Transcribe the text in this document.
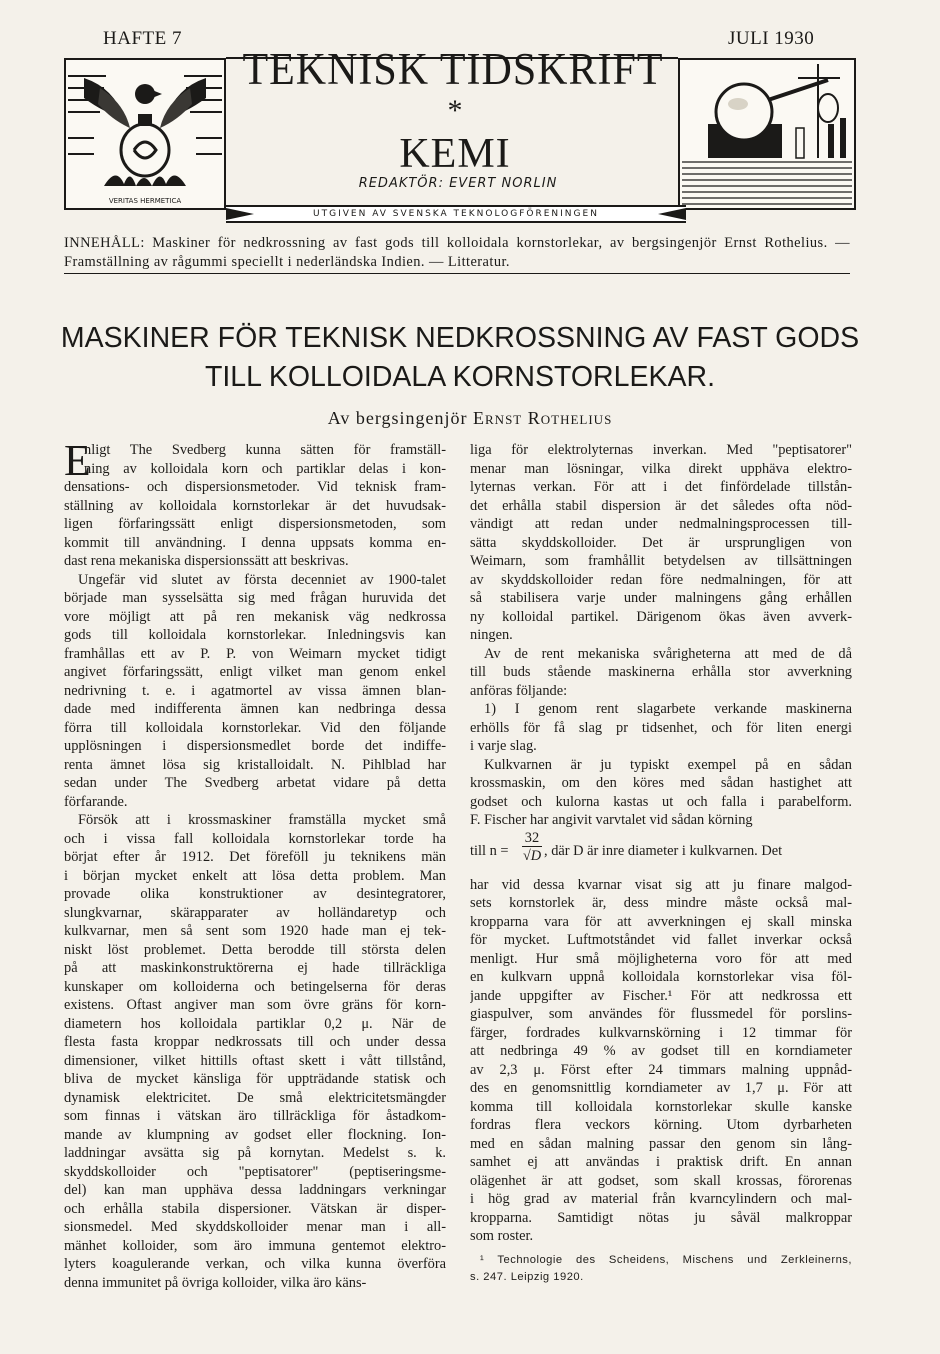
HAFTE 7	JULI 1930
VERITAS HERMETICA
TEKNISK TIDSKRIFT
*
KEMI
REDAKTÖR: EVERT NORLIN
UTGIVEN AV SVENSKA TEKNOLOGFÖRENINGEN
INNEHÅLL: Maskiner för nedkrossning av fast gods till kolloidala kornstorlekar, av bergsingenjör Ernst Rothelius. — Framställning av rågummi speciellt i nederländska Indien. — Litteratur.
MASKINER FÖR TEKNISK NEDKROSSNING AV FAST GODS
TILL KOLLOIDALA KORNSTORLEKAR.
Av bergsingenjör Ernst Rothelius
E
nligt The Svedberg kunna sätten för framställ-
ning av kolloidala korn och partiklar delas i kon-
densations- och dispersionsmetoder. Vid teknisk fram-
ställning av kolloidala kornstorlekar är det huvudsak-
ligen förfaringssätt enligt dispersionsmetoden, som
kommit till användning. I denna uppsats komma en-
dast rena mekaniska dispersionssätt att beskrivas.
Ungefär vid slutet av första decenniet av 1900-talet
började man sysselsätta sig med frågan huruvida det
vore möjligt att på ren mekanisk väg nedkrossa
gods till kolloidala kornstorlekar. Inledningsvis kan
framhållas ett av P. P. von Weimarn mycket tidigt
angivet förfaringssätt, enligt vilket man genom enkel
nedrivning t. e. i agatmortel av vissa ämnen blan-
dade med indifferenta ämnen kan nedbringa dessa
förra till kolloidala kornstorlekar. Vid den följande
upplösningen i dispersionsmedlet borde det indiffe-
renta ämnet lösa sig kristalloidalt. N. Pihlblad har
sedan under The Svedberg arbetat vidare på detta
förfarande.
Försök att i krossmaskiner framställa mycket små
och i vissa fall kolloidala kornstorlekar torde ha
börjat efter år 1912. Det föreföll ju teknikens män
i början mycket enkelt att lösa detta problem. Man
provade olika konstruktioner av desintegratorer,
slungkvarnar, skärapparater av holländaretyp och
kulkvarnar, men så sent som 1920 hade man ej tek-
niskt löst problemet. Detta berodde till största delen
på att maskinkonstruktörerna ej hade tillräckliga
kunskaper om kolloiderna och betingelserna för deras
existens. Oftast angiver man som övre gräns för korn-
diametern hos kolloidala partiklar 0,2 μ. När de
flesta fasta kroppar nedkrossats till och under dessa
dimensioner, vilket hittills oftast skett i vått tillstånd,
bliva de mycket känsliga för uppträdande statisk och
dynamisk elektricitet. De små elektricitetsmängder
som finnas i vätskan äro tillräckliga för åstadkom-
mande av klumpning av godset eller flockning. Ion-
laddningar avsätta sig på kornytan. Medelst s. k.
skyddskolloider och "peptisatorer" (peptiseringsme-
del) kan man upphäva dessa laddningars verkningar
och erhålla stabila dispersioner. Vätskan är disper-
sionsmedel. Med skyddskolloider menar man i all-
mänhet kolloider, som äro immuna gentemot elektro-
lyters koagulerande verkan, och vilka kunna överföra
denna immunitet på övriga kolloider, vilka äro käns-
liga för elektrolyternas inverkan. Med "peptisatorer"
menar man lösningar, vilka direkt upphäva elektro-
lyternas verkan. För att i det finfördelade tillstån-
det erhålla stabil dispersion är det således ofta nöd-
vändigt att redan under nedmalningsprocessen till-
sätta skyddskolloider. Det är ursprungligen von
Weimarn, som framhållit betydelsen av tillsättningen
av skyddskolloider redan före nedmalningen, för att
så stabilisera varje under malningens gång erhållen
ny kolloidal partikel. Därigenom ökas även avverk-
ningen.
Av de rent mekaniska svårigheterna att med de då
till buds stående maskinerna erhålla stor avverkning
anföras följande:
1) I genom rent slagarbete verkande maskinerna
erhölls för få slag pr tidsenhet, och för liten energi
i varje slag.
Kulkvarnen är ju typiskt exempel på en sådan
krossmaskin, om den köres med sådan hastighet att
godset och kulorna kastas ut och falla i parabelform.
F. Fischer har angivit varvtalet vid sådan körning
till $n = \frac{32}{√D}$ , där D är inre diameter i kulkvarnen. Det
har vid dessa kvarnar visat sig att ju finare malgod-
sets kornstorlek är, dess mindre måste också mal-
kropparna vara för att avverkningen ej skall minska
för mycket. Luftmotståndet vid fallet inverkar också
menligt. Hur små möjligheterna voro för att med
en kulkvarn uppnå kolloidala kornstorlekar visa föl-
jande uppgifter av Fischer.¹ För att nedkrossa ett
giaspulver, som användes för flussmedel för porslins-
färger, fordrades kulkvarnskörning i 12 timmar för
att nedbringa 49 % av godset till en korndiameter
av 2,3 μ. Först efter 24 timmars malning uppnåd-
des en genomsnittlig korndiameter av 1,7 μ. För att
komma till kolloidala kornstorlekar skulle kanske
fordras flera veckors körning. Utom dyrbarheten
med en sådan malning passar den genom sin lång-
samhet ej att användas i praktisk drift. En annan
olägenhet är att godset, som skall krossas, förorenas
i hög grad av material från kvarncylindern och mal-
kropparna. Samtidigt nötas ju såväl malkroppar
som roster.
¹ Technologie des Scheidens, Mischens und Zerkleinerns,
s. 247. Leipzig 1920.
